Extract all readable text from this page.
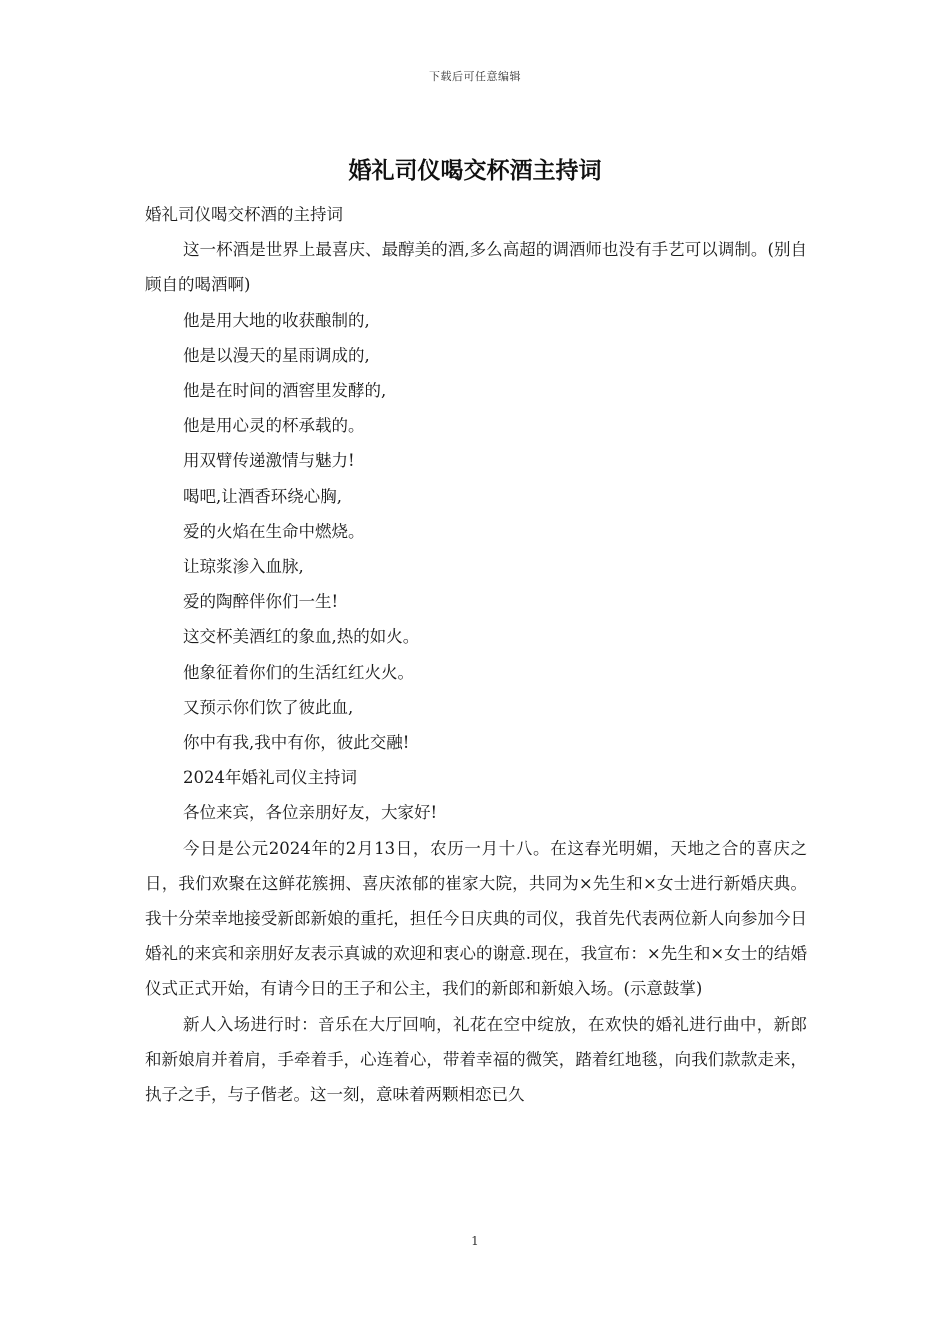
下载后可任意编辑
婚礼司仪喝交杯酒主持词

婚礼司仪喝交杯酒的主持词

这一杯酒是世界上最喜庆、最醇美的酒,多么高超的调酒师也没有手艺可以调制。(别自顾自的喝酒啊)

他是用大地的收获酿制的,

他是以漫天的星雨调成的,

他是在时间的酒窖里发酵的,

他是用心灵的杯承载的。

用双臂传递激情与魅力!

喝吧,让酒香环绕心胸,

爱的火焰在生命中燃烧。

让琼浆渗入血脉,

爱的陶醉伴你们一生!

这交杯美酒红的象血,热的如火。

他象征着你们的生活红红火火。

又预示你们饮了彼此血,

你中有我,我中有你，彼此交融!

2024年婚礼司仪主持词

各位来宾，各位亲朋好友，大家好!

今日是公元2024年的2月13日，农历一月十八。在这春光明媚，天地之合的喜庆之日，我们欢聚在这鲜花簇拥、喜庆浓郁的崔家大院，共同为×先生和×女士进行新婚庆典。我十分荣幸地接受新郎新娘的重托，担任今日庆典的司仪，我首先代表两位新人向参加今日婚礼的来宾和亲朋好友表示真诚的欢迎和衷心的谢意.现在，我宣布：×先生和×女士的结婚仪式正式开始，有请今日的王子和公主，我们的新郎和新娘入场。(示意鼓掌)

新人入场进行时：音乐在大厅回响，礼花在空中绽放，在欢快的婚礼进行曲中，新郎和新娘肩并着肩，手牵着手，心连着心，带着幸福的微笑，踏着红地毯，向我们款款走来，执子之手，与子偕老。这一刻，意味着两颗相恋已久

1
